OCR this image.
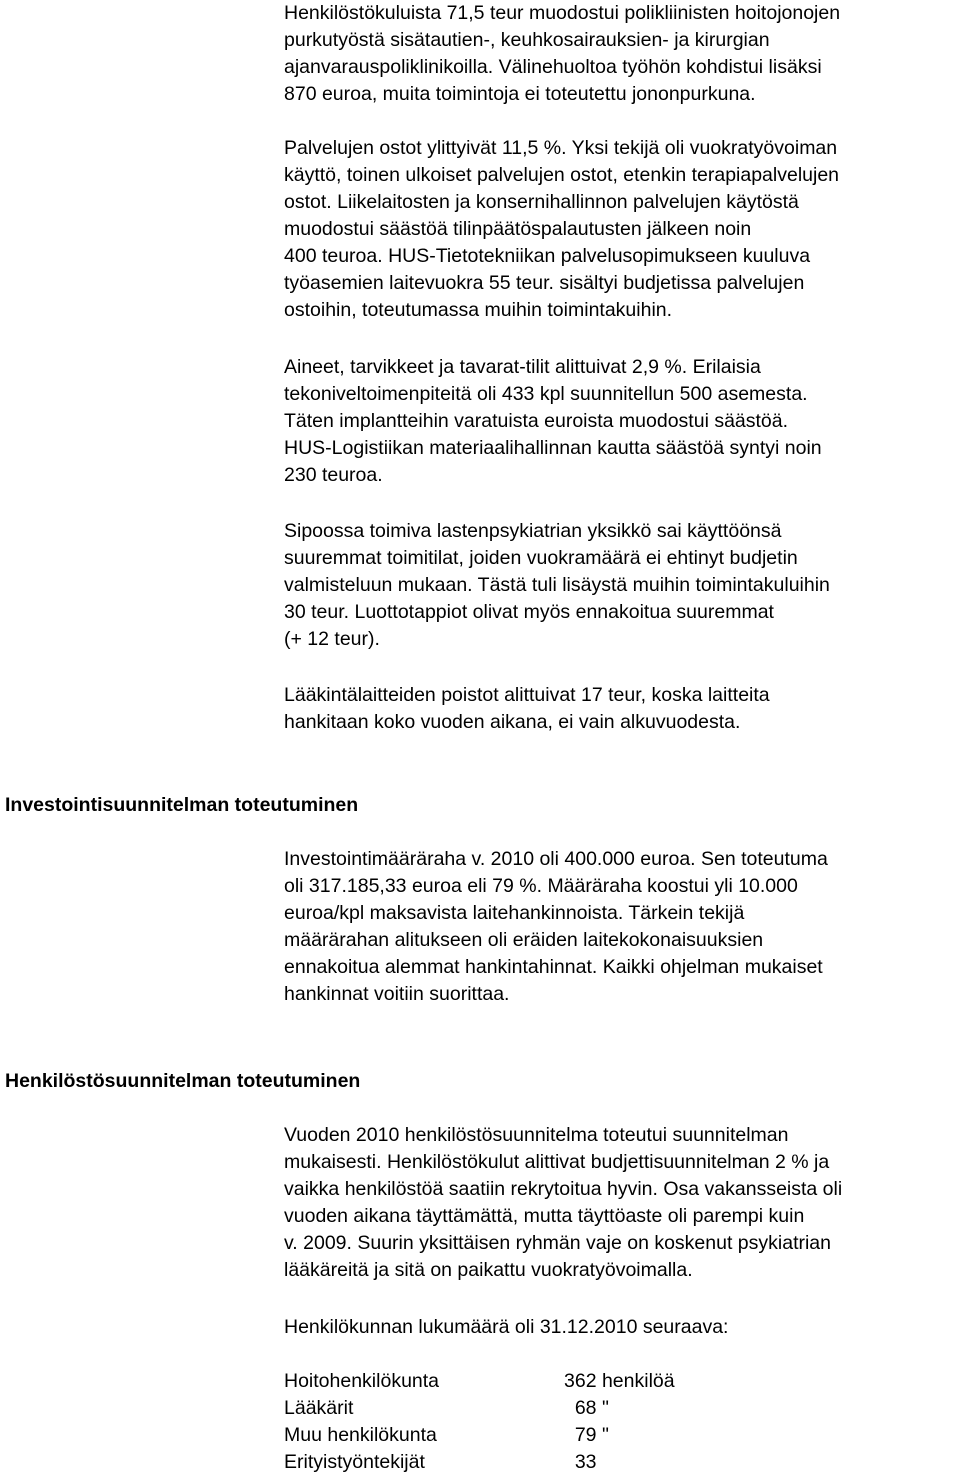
Henkilöstökuluista 71,5 teur muodostui polikliinisten hoitojonojen
purkutyöstä sisätautien-, keuhkosairauksien- ja kirurgian
ajanvarauspoliklinikoilla. Välinehuoltoa työhön kohdistui lisäksi
870 euroa, muita toimintoja ei toteutettu jononpurkuna.
Palvelujen ostot ylittyivät 11,5 %. Yksi tekijä oli vuokratyövoiman
käyttö, toinen ulkoiset palvelujen ostot, etenkin terapiapalvelujen
ostot. Liikelaitosten ja konsernihallinnon palvelujen käytöstä
muodostui säästöä tilinpäätöspalautusten jälkeen noin
400 teuroa. HUS-Tietotekniikan palvelusopimukseen kuuluva
työasemien laitevuokra 55 teur. sisältyi budjetissa palvelujen
ostoihin, toteutumassa muihin toimintakuihin.
Aineet, tarvikkeet ja tavarat-tilit alittuivat 2,9 %. Erilaisia
tekoniveltoimenpiteitä oli 433 kpl suunnitellun 500 asemesta.
Täten implantteihin varatuista euroista muodostui säästöä.
HUS-Logistiikan materiaalihallinnan kautta säästöä syntyi noin
230 teuroa.
Sipoossa toimiva lastenpsykiatrian yksikkö sai käyttöönsä
suuremmat toimitilat, joiden vuokramäärä ei ehtinyt budjetin
valmisteluun mukaan. Tästä tuli lisäystä muihin toimintakuluihin
30 teur. Luottotappiot olivat myös ennakoitua suuremmat
(+ 12 teur).
Lääkintälaitteiden poistot alittuivat 17 teur, koska laitteita
hankitaan koko vuoden aikana, ei vain alkuvuodesta.
Investointisuunnitelman toteutuminen
Investointimääräraha v. 2010 oli 400.000 euroa. Sen toteutuma
oli 317.185,33 euroa eli 79 %. Määräraha koostui yli 10.000
euroa/kpl maksavista laitehankinnoista. Tärkein tekijä
määrärahan alitukseen oli eräiden laitekokonaisuuksien
ennakoitua alemmat hankintahinnat. Kaikki ohjelman mukaiset
hankinnat voitiin suorittaa.
Henkilöstösuunnitelman toteutuminen
Vuoden 2010 henkilöstösuunnitelma toteutui suunnitelman
mukaisesti. Henkilöstökulut alittivat budjettisuunnitelman 2 % ja
vaikka henkilöstöä saatiin rekrytoitua hyvin. Osa vakansseista oli
vuoden aikana täyttämättä, mutta täyttöaste oli parempi kuin
v. 2009. Suurin yksittäisen ryhmän vaje on koskenut psykiatrian
lääkäreitä ja sitä on paikattu vuokratyövoimalla.
Henkilökunnan lukumäärä oli 31.12.2010 seuraava:
Hoitohenkilökunta	362 henkilöä
Lääkärit	68 "
Muu henkilökunta	79 "
Erityistyöntekijät	33
